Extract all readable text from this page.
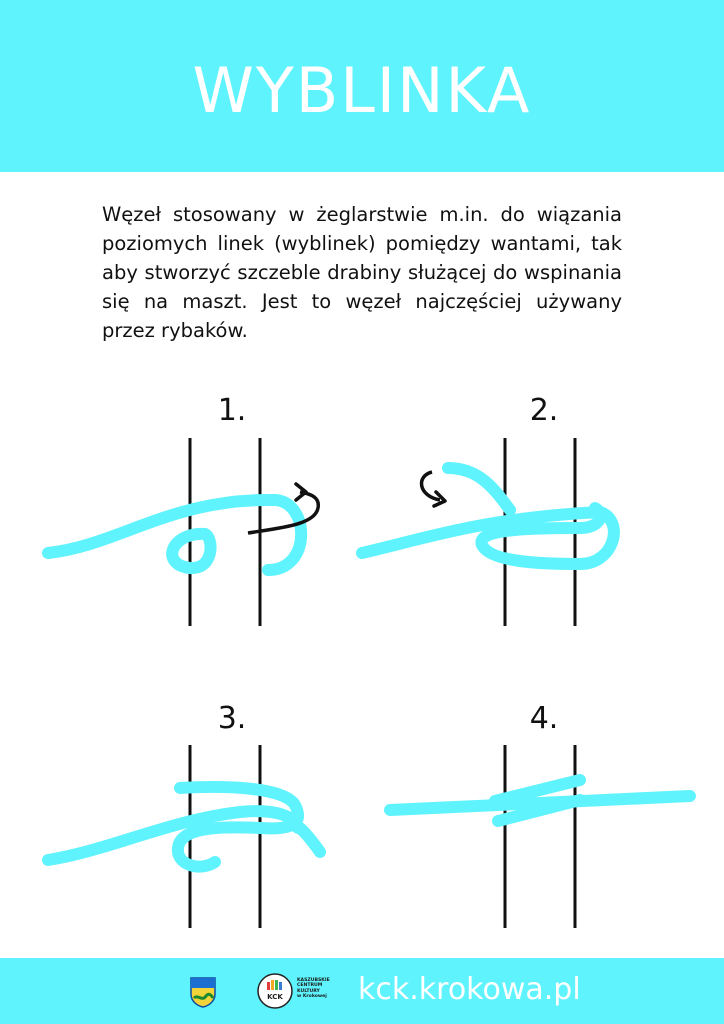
WYBLINKA

Węzeł stosowany w żeglarstwie m.in. do wiązania poziomych linek (wyblinek) pomiędzy wantami, tak aby stworzyć szczeble drabiny służącej do wspinania się na maszt. Jest to węzeł najczęściej używany przez rybaków.

1.	2.
3.	4.
KCK
KASZUBSKIE
CENTRUM
KULTURY
w Krokowej	kck.krokowa.pl
